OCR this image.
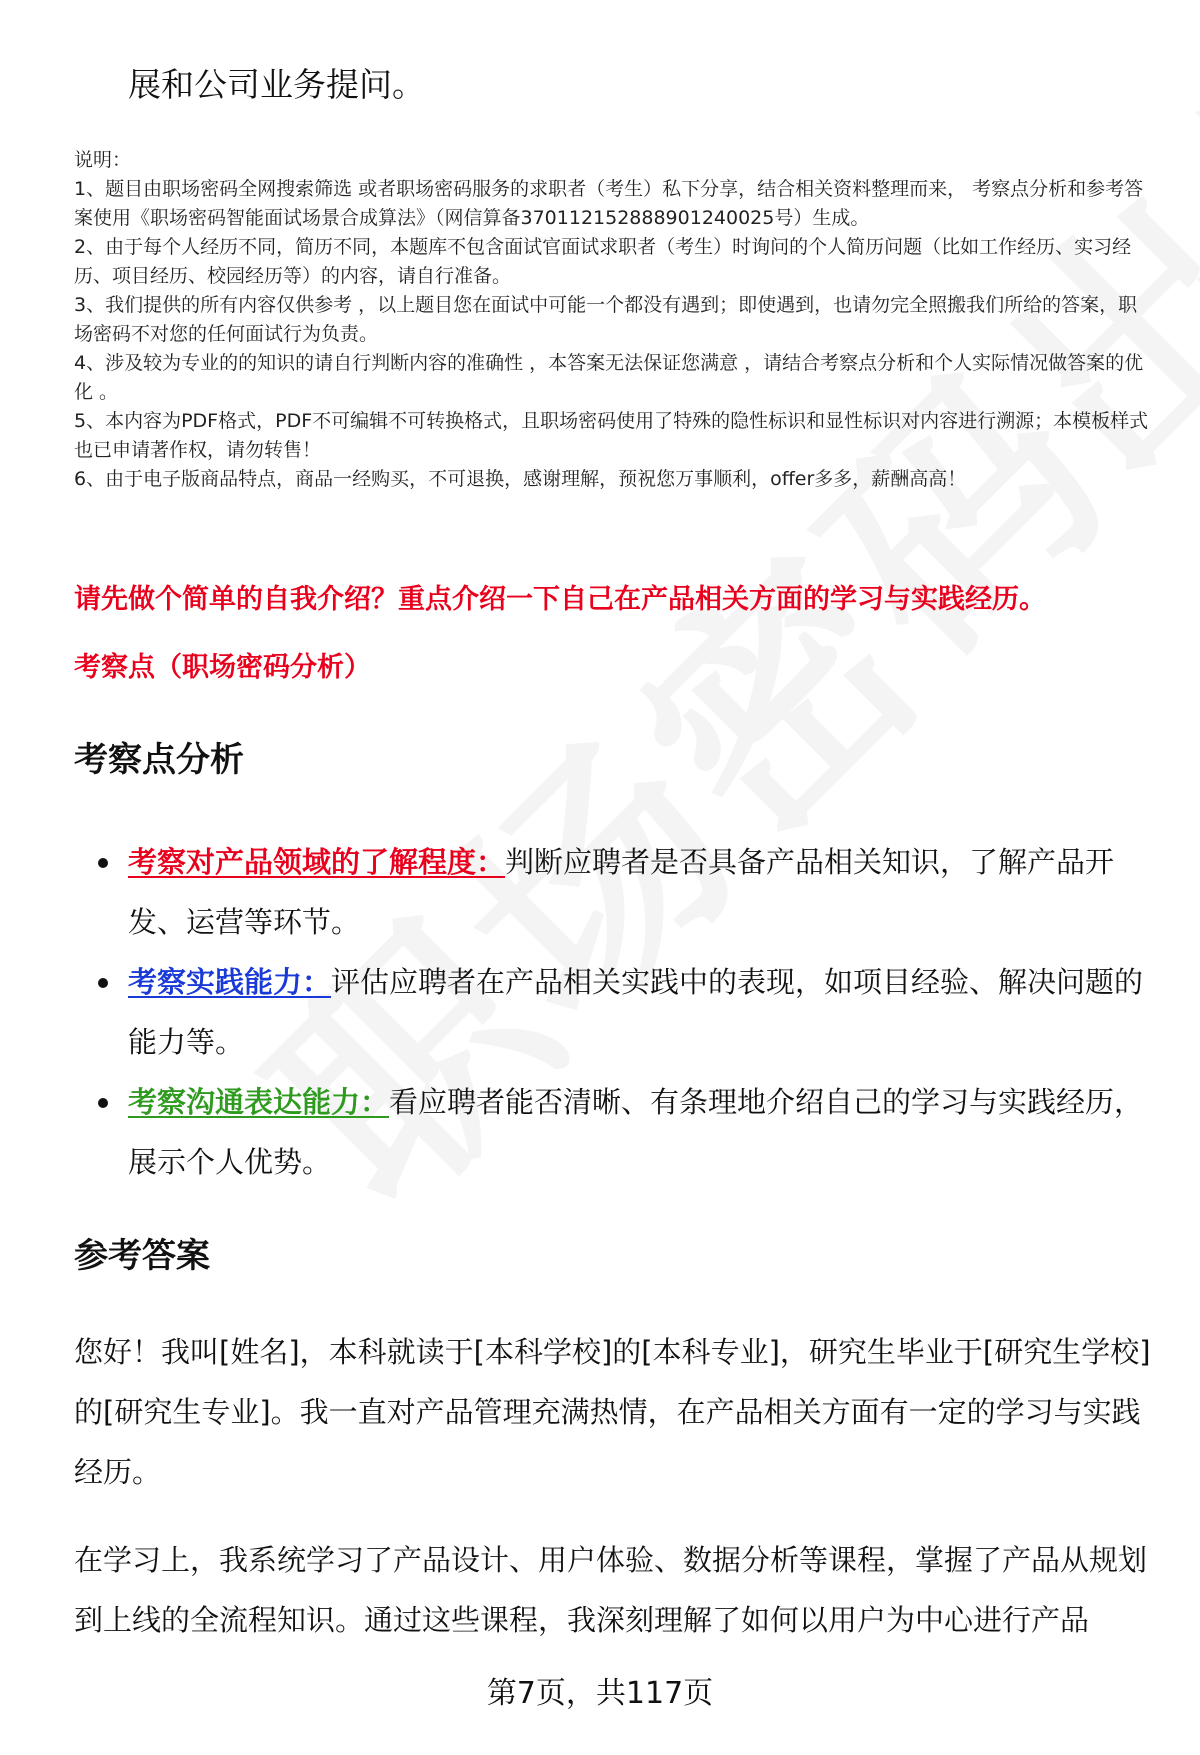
展和公司业务提问。
说明：
1、题目由职场密码全网搜索筛选 或者职场密码服务的求职者（考生）私下分享，结合相关资料整理而来， 考察点分析和参考答案使用《职场密码智能面试场景合成算法》（网信算备370112152888901240025号）生成。
2、由于每个人经历不同，简历不同，本题库不包含面试官面试求职者（考生）时询问的个人简历问题（比如工作经历、实习经历、项目经历、校园经历等）的内容，请自行准备。
3、我们提供的所有内容仅供参考 ，以上题目您在面试中可能一个都没有遇到；即使遇到，也请勿完全照搬我们所给的答案，职场密码不对您的任何面试行为负责。
4、涉及较为专业的的知识的请自行判断内容的准确性 ，本答案无法保证您满意 ，请结合考察点分析和个人实际情况做答案的优化 。
5、本内容为PDF格式，PDF不可编辑不可转换格式，且职场密码使用了特殊的隐性标识和显性标识对内容进行溯源；本模板样式也已申请著作权，请勿转售！
6、由于电子版商品特点，商品一经购买，不可退换，感谢理解，预祝您万事顺利，offer多多，薪酬高高！
请先做个简单的自我介绍？重点介绍一下自己在产品相关方面的学习与实践经历。
考察点（职场密码分析）
考察点分析
考察对产品领域的了解程度：判断应聘者是否具备产品相关知识，了解产品开发、运营等环节。
考察实践能力：评估应聘者在产品相关实践中的表现，如项目经验、解决问题的能力等。
考察沟通表达能力：看应聘者能否清晰、有条理地介绍自己的学习与实践经历，展示个人优势。
参考答案
您好！我叫[姓名]，本科就读于[本科学校]的[本科专业]，研究生毕业于[研究生学校]的[研究生专业]。我一直对产品管理充满热情，在产品相关方面有一定的学习与实践经历。
在学习上，我系统学习了产品设计、用户体验、数据分析等课程，掌握了产品从规划到上线的全流程知识。通过这些课程，我深刻理解了如何以用户为中心进行产品
第7页，共117页
